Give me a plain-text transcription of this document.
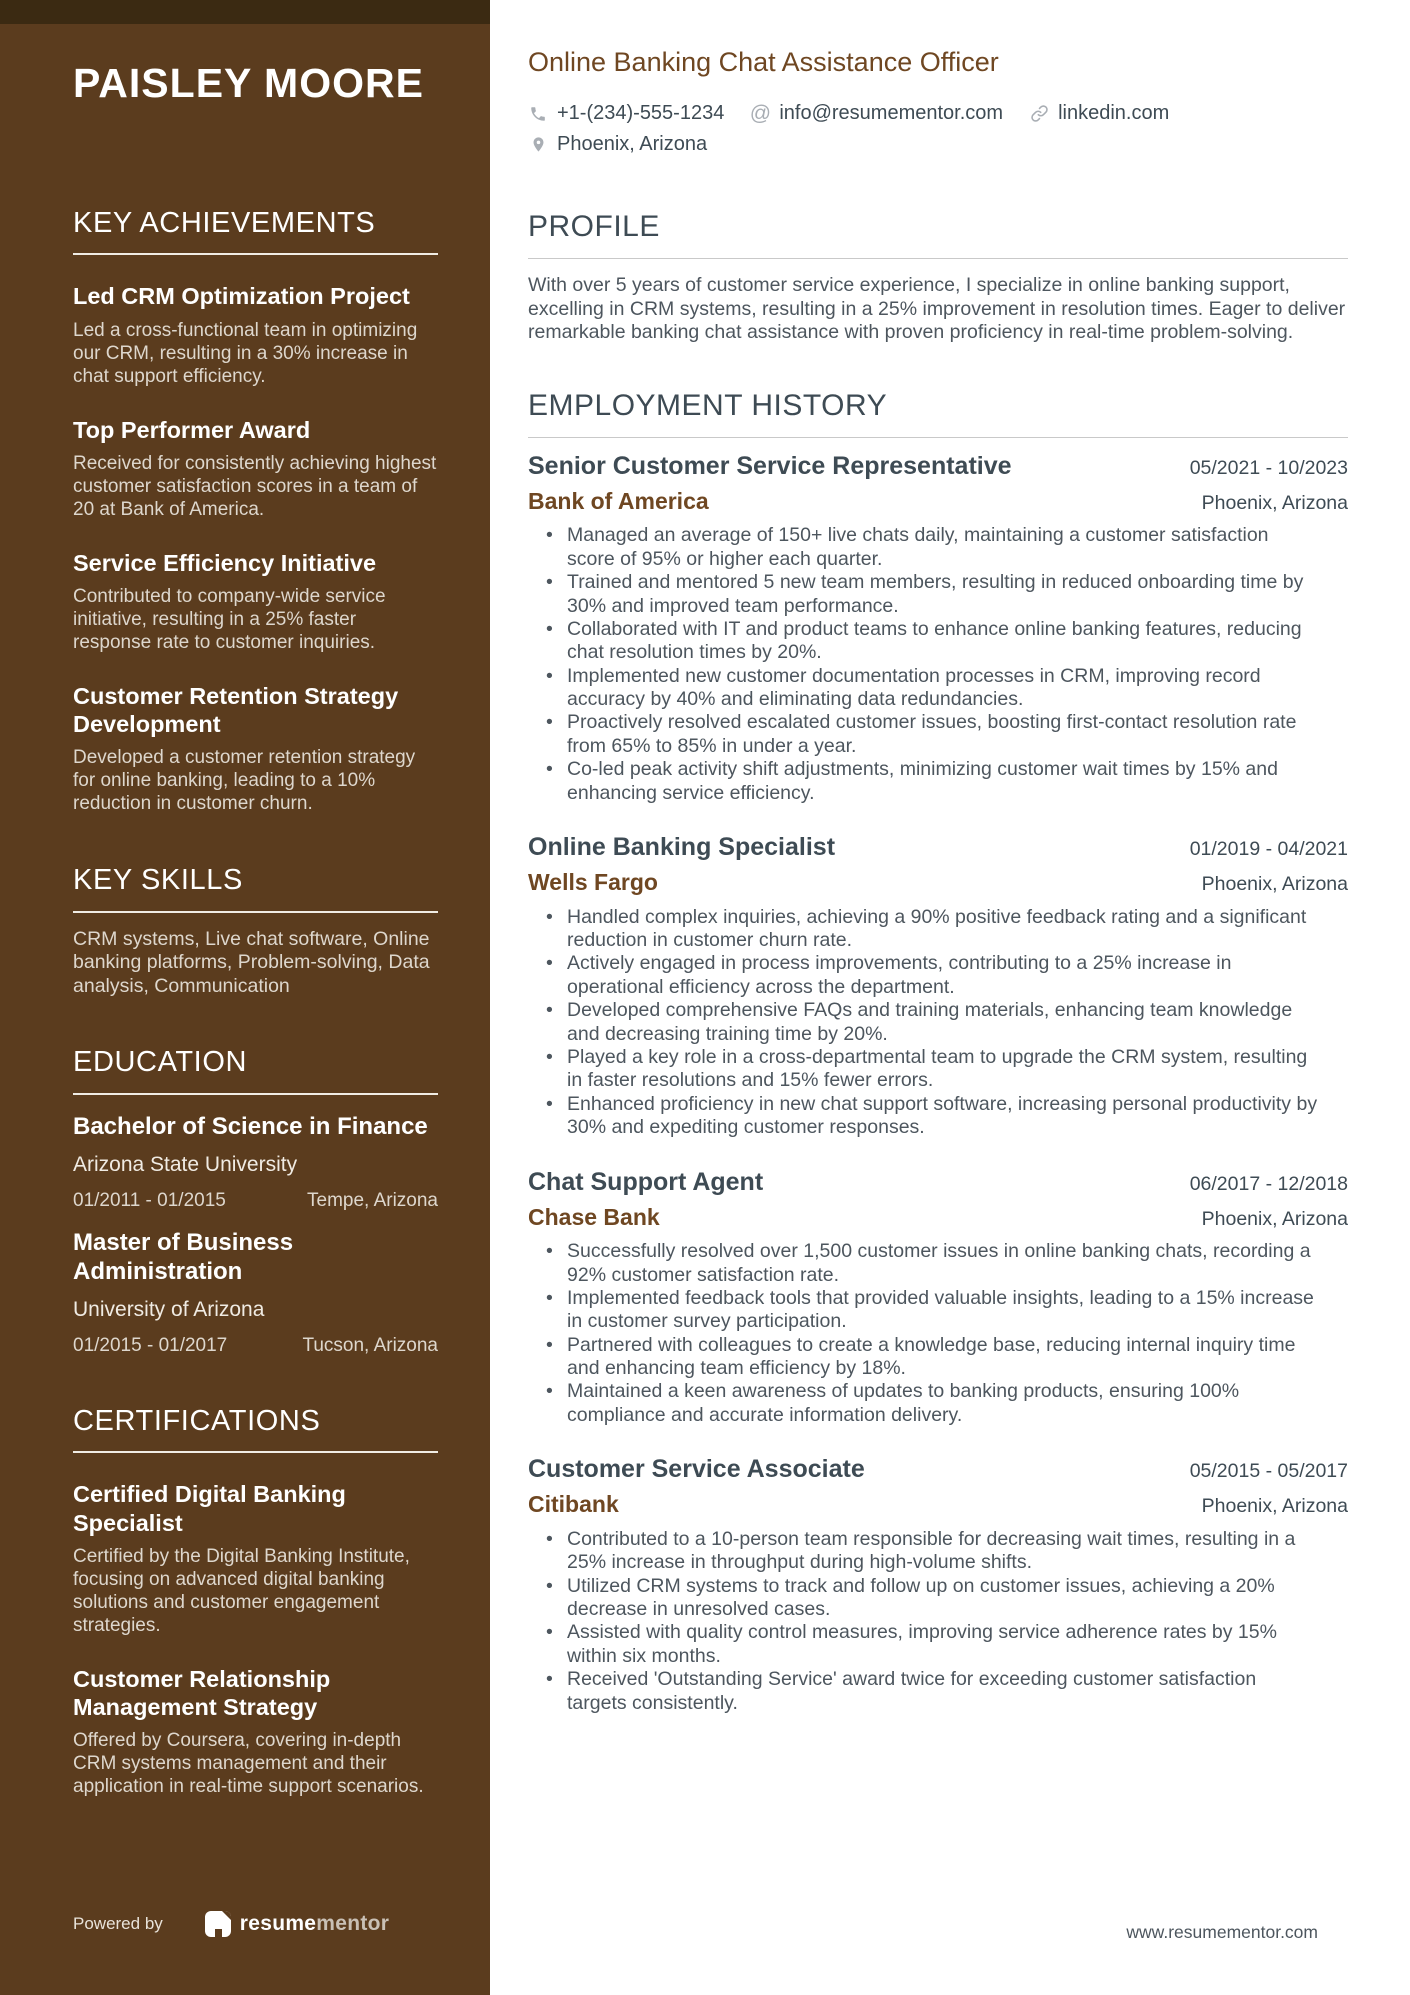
PAISLEY MOORE
KEY ACHIEVEMENTS
Led CRM Optimization Project

Led a cross-functional team in optimizing our CRM, resulting in a 30% increase in chat support efficiency.

Top Performer Award

Received for consistently achieving highest customer satisfaction scores in a team of 20 at Bank of America.

Service Efficiency Initiative

Contributed to company-wide service initiative, resulting in a 25% faster response rate to customer inquiries.

Customer Retention Strategy Development

Developed a customer retention strategy for online banking, leading to a 10% reduction in customer churn.

KEY SKILLS

CRM systems, Live chat software, Online banking platforms, Problem-solving, Data analysis, Communication

EDUCATION
Bachelor of Science in Finance

Arizona State University

01/2011 - 01/2015	Tempe, Arizona
Master of Business Administration

University of Arizona

01/2015 - 01/2017	Tucson, Arizona
CERTIFICATIONS
Certified Digital Banking Specialist

Certified by the Digital Banking Institute, focusing on advanced digital banking solutions and customer engagement strategies.

Customer Relationship Management Strategy

Offered by Coursera, covering in-depth CRM systems management and their application in real-time support scenarios.

Powered by	resumementor
Online Banking Chat Assistance Officer
+1-(234)-555-1234 @ info@resumementor.com	linkedin.com
Phoenix, Arizona
PROFILE

With over 5 years of customer service experience, I specialize in online banking support, excelling in CRM systems, resulting in a 25% improvement in resolution times. Eager to deliver remarkable banking chat assistance with proven proficiency in real-time problem-solving.

EMPLOYMENT HISTORY
Senior Customer Service Representative	05/2021 - 10/2023
Bank of America	Phoenix, Arizona
• Managed an average of 150+ live chats daily, maintaining a customer satisfaction score of 95% or higher each quarter.
• Trained and mentored 5 new team members, resulting in reduced onboarding time by 30% and improved team performance.
• Collaborated with IT and product teams to enhance online banking features, reducing chat resolution times by 20%.
• Implemented new customer documentation processes in CRM, improving record accuracy by 40% and eliminating data redundancies.
• Proactively resolved escalated customer issues, boosting first-contact resolution rate from 65% to 85% in under a year.
• Co-led peak activity shift adjustments, minimizing customer wait times by 15% and enhancing service efficiency.
Online Banking Specialist	01/2019 - 04/2021
Wells Fargo	Phoenix, Arizona
• Handled complex inquiries, achieving a 90% positive feedback rating and a significant reduction in customer churn rate.
• Actively engaged in process improvements, contributing to a 25% increase in operational efficiency across the department.
• Developed comprehensive FAQs and training materials, enhancing team knowledge and decreasing training time by 20%.
• Played a key role in a cross-departmental team to upgrade the CRM system, resulting in faster resolutions and 15% fewer errors.
• Enhanced proficiency in new chat support software, increasing personal productivity by 30% and expediting customer responses.
Chat Support Agent	06/2017 - 12/2018
Chase Bank	Phoenix, Arizona
• Successfully resolved over 1,500 customer issues in online banking chats, recording a 92% customer satisfaction rate.
• Implemented feedback tools that provided valuable insights, leading to a 15% increase in customer survey participation.
• Partnered with colleagues to create a knowledge base, reducing internal inquiry time and enhancing team efficiency by 18%.
• Maintained a keen awareness of updates to banking products, ensuring 100% compliance and accurate information delivery.
Customer Service Associate	05/2015 - 05/2017
Citibank	Phoenix, Arizona
• Contributed to a 10-person team responsible for decreasing wait times, resulting in a 25% increase in throughput during high-volume shifts.
• Utilized CRM systems to track and follow up on customer issues, achieving a 20% decrease in unresolved cases.
• Assisted with quality control measures, improving service adherence rates by 15% within six months.
• Received 'Outstanding Service' award twice for exceeding customer satisfaction targets consistently.
www.resumementor.com
